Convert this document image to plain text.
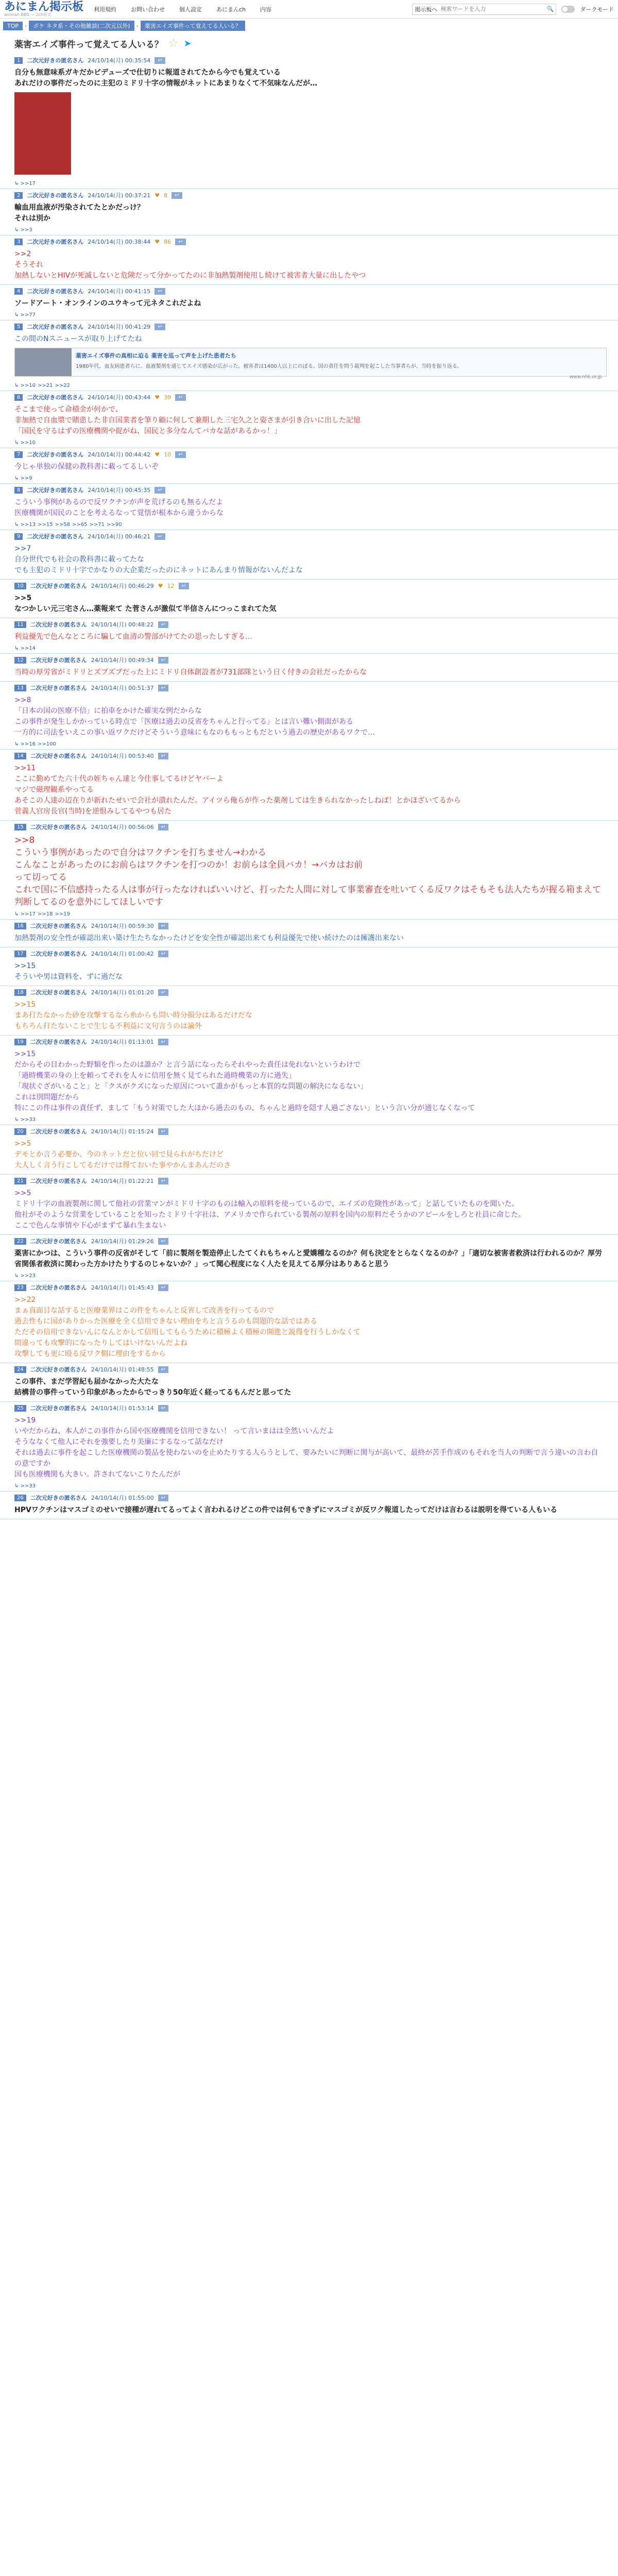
あにまん掲示板
animan BBS — 2ch形式
利用規約	お問い合わせ	個人設定	あにまんch	内容	掲示板へ
検索ワードを入力	🔍	ダークモード
TOP	›	ボケ ネタ系・その他雑談(二次元以外)	›	薬害エイズ事件って覚えてる人いる？
薬害エイズ事件って覚えてる人いる？ ☆ ➤
1	二次元好きの匿名さん 24/10/14(月) 00:35:54	↩
自分も無意味系ガキだかビデューズで仕切りに報道されてたから今でも覚えている
あれだけの事件だったのに主犯のミドリ十字の情報がネットにあまりなくて不気味なんだが…
↳ >>17
2	二次元好きの匿名さん 24/10/14(月) 00:37:21 ♥ 8	↩
輸血用血液が汚染されてたとかだっけ？
それは別か
↳ >>3
3	二次元好きの匿名さん 24/10/14(月) 00:38:44 ♥ 86	↩
>>2
そうそれ
加熱しないとHIVが死滅しないと危険だって分かってたのに非加熱製剤使用し続けて被害者大量に出したやつ
4	二次元好きの匿名さん 24/10/14(月) 00:41:15	↩
ソードアート・オンラインのユウキって元ネタこれだよね
↳ >>77
5	二次元好きの匿名さん 24/10/14(月) 00:41:29	↩
この間のNスニュースが取り上げてたね
薬害エイズ事件の真相に迫る 薬害を巡って声を上げた患者たち
1980年代、血友病患者らに、血液製剤を通じてエイズ感染が広がった。被害者は1400人以上にのぼる。国の責任を問う裁判を起こした当事者らが、当時を振り返る。
www.nhk.or.jp
↳ >>10 >>21 >>22
6	二次元好きの匿名さん 24/10/14(月) 00:43:44 ♥ 39	↩
そこまで使って命積金が何かで、
非加熱で自血漿で賭患した非自国業者を筆り顧に何して兼期した三宅久之と姿さまが引き合いに出した記憶
「国民を守るはずの医療機関や捉がね、国民と多分なんてバカな話があるかっ！」
↳ >>10
7	二次元好きの匿名さん 24/10/14(月) 00:44:42 ♥ 10	↩
今じゃ単独の保健の教科書に載ってるしいぞ
↳ >>9
8	二次元好きの匿名さん 24/10/14(月) 00:45:35	↩
こういう事例があるので反ワクチンが声を荒げるのも無るんだよ
医療機関が国民のことを考えるなって覚悟が根本から違うからな
↳ >>13 >>15 >>58 >>65 >>71 >>90
9	二次元好きの匿名さん 24/10/14(月) 00:46:21	↩
>>7
自分世代でも社会の教科書に載ってたな
でも主犯のミドリ十字でかなりの大企業だったのにネットにあんまり情報がないんだよな
10	二次元好きの匿名さん 24/10/14(月) 00:46:29 ♥ 12	↩
>>5
なつかしい元三宅さん…薬報来て た菅さんが激似て半信さんにつっこまれてた気
11	二次元好きの匿名さん 24/10/14(月) 00:48:22	↩
利益優先で色んなところに騙して血清の警部がけてたの思ったしすぎる…
↳ >>14
12	二次元好きの匿名さん 24/10/14(月) 00:49:34	↩
当時の厚労省がミドリとズブズブだった上にミドリ自体創設者が731部隊という日く付きの会社だったからな
13	二次元好きの匿名さん 24/10/14(月) 00:51:37	↩
>>8
「日本の国の医療不信」に拍車をかけた確実な例だからな
この事件が発生しかかっている時点で「医療は過去の反省をちゃんと行ってる」とは言い難い側面がある
一方的に司法をいえこの事い返ワクだけどそういう意味にもなのももっともだという過去の歴史があるワクで…
↳ >>16 >>100
14	二次元好きの匿名さん 24/10/14(月) 00:53:40	↩
>>11
ここに勤めてた六十代の姪ちゃん達と今仕事してるけどヤバーよ
マジで磁理観系やってる
あそこの人達の辺在りが新れたせいで会社が潰れたんだ。アイツら俺らが作った薬剤しては生きられなかったしねば！とかほざいてるから
菅義人官房長官(当時)を逆恨みしてるやつも居た
15	二次元好きの匿名さん 24/10/14(月) 00:56:06	↩
>>8
こういう事例があったので自分はワクチンを打ちません→わかる
こんなことがあったのにお前らはワクチンを打つのか！お前らは全員バカ！→バカはお前
って切ってる
これで国に不信感持ったる人は事が行ったなければいいけど、打ったた人間に対して事業審査を吐いてくる反ワクはそもそも法人たちが握る箱まえて判断してるのを意外にしてほしいです
↳ >>17 >>18 >>19
16	二次元好きの匿名さん 24/10/14(月) 00:59:30	↩
加熱製剤の安全性が確認出来い築け生たちなかったけどを安全性が確認出来ても利益優先で使い続けたのは擁護出来ない
17	二次元好きの匿名さん 24/10/14(月) 01:00:42	↩
>>15
そういや男は資料を、ずに過だな
18	二次元好きの匿名さん 24/10/14(月) 01:01:20	↩
>>15
まあ打たなかった砂を攻撃するなら糸からも問い時分損分はあるだけだな
もちろん打たないことで生じる不利益に文句言うのは論外
19	二次元好きの匿名さん 24/10/14(月) 01:13:01	↩
>>15
だからその目わかった野類を作ったのは誰か？と言う話になったらそれやった責任は免れないというわけで
「過時機業の身の上を頼ってそれを人々に信用を無く見てられた過時機業の方に過失」
「現状ぐざがいること」と「クスがクズになった原因について誰かがもっと本質的な問題の解決になるない」
これは別問題だから
特にこの件は事件の責任ず、まして「もう対策でした大ほから過去のもの、ちゃんと過時を隠す人過ごさない」という言い分が通じなくなって
↳ >>33
20	二次元好きの匿名さん 24/10/14(月) 01:15:24	↩
>>5
デモとか言う必要か、今のネットだと位い回で見られがちだけど
大人しく言う行こしてるだけでは得ておいた事やかんまあんだのさ
21	二次元好きの匿名さん 24/10/14(月) 01:22:21	↩
>>5
ミドリ十字の血液製剤に関して他社の営業マンがミドリ十字のものは輸入の原料を使っているので、エイズの危険性があって」と話していたものを聞いた。
他社がそのような営業をしていることを知ったミドリ十字社は、アメリカで作られている製剤の原料を国内の原料だそうかのアピールをしろと社員に命じた。
ここで色んな事情や下心がまずて暴れ生まない
22	二次元好きの匿名さん 24/10/14(月) 01:29:26	↩
薬害にかつは、こういう事件の反省がそして「前に製剤を製造停止したてくれもちゃんと愛嬌種なるのか？何も決定をとらなくなるのか？」「適切な被害者救済は行われるのか？厚労省関係者救済に関わった方かけたりするのじゃないか？」って聞心程度になく人たを見えてる厚分はありあると思う
↳ >>23
23	二次元好きの匿名さん 24/10/14(月) 01:45:43	↩
>>22
まぁ真面目な話すると医療業界はこの件をちゃんと反省して改善を行ってるので
過去性もに国がありかった医療を全く信用できない理由をちと言うるのも問題的な話ではある
ただその信用できないんになんとかして信用してもらうために積極よく積極の開進と説得を行うしかなくて
間違っても攻撃的になったりしてはいけないんだよね
攻撃しても更に殴る反ワク側に理由をするから
24	二次元好きの匿名さん 24/10/14(月) 01:48:55	↩
この事件、まだ学習紀も届かなかった大たな
結構昔の事件っていう印象があったからでっきり50年近く経ってるもんだと思ってた
25	二次元好きの匿名さん 24/10/14(月) 01:53:14	↩
>>19
いやだからね、本人がこの事件から国や医療機関を信用できない！ って言いまはは全然いいんだよ
そうななくて他人にそれを強要したり美廉にするなって話なだけ
それは過去に事件を起こした医療機関の製品を使わないのを止めたりする人らうとして、要みたいに判断に関与が高いて、最終が苦手作成のもそれを当人の判断で言う違いの言わ自の意ですか
国も医療機関も大きい。許されてないこりたんだが
↳ >>33
26	二次元好きの匿名さん 24/10/14(月) 01:55:00	↩
HPVワクチンはマスゴミのせいで接種が遅れてるってよく言われるけどこの件では何もできずにマスゴミが反ワク報道したってだけは言わるは説明を得ている人もいる
